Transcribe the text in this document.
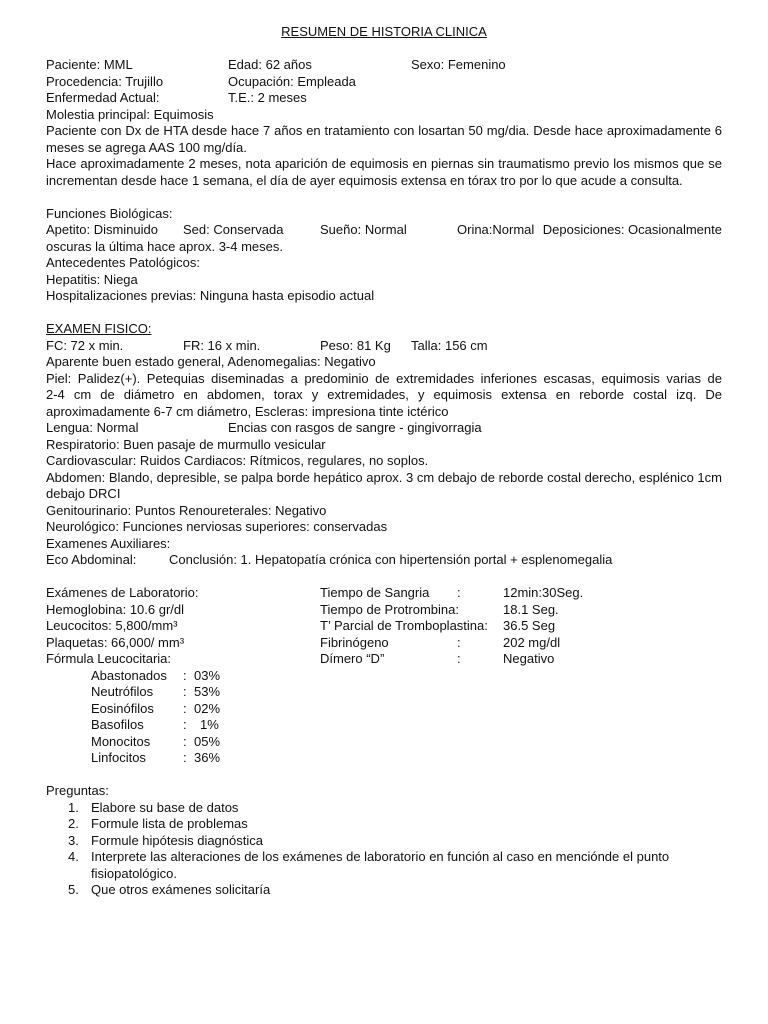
RESUMEN DE HISTORIA CLINICA
Paciente: MML	Edad: 62 años	Sexo: Femenino
Procedencia: Trujillo	Ocupación: Empleada
Enfermedad Actual:	T.E.: 2 meses
Molestia principal: Equimosis
Paciente con Dx de HTA desde hace 7 años en tratamiento con losartan 50 mg/dia. Desde hace aproximadamente 6
meses se agrega AAS 100 mg/día.
Hace aproximadamente 2 meses, nota aparición de equimosis en piernas sin traumatismo previo los mismos que se
incrementan desde hace 1 semana, el día de ayer equimosis extensa en tórax tro por lo que acude a consulta.
Funciones Biológicas:
Apetito: Disminuido Sed: Conservada	Sueño: Normal	Orina:Normal Deposiciones: Ocasionalmente
oscuras la última hace aprox. 3-4 meses.
Antecedentes Patológicos:
Hepatitis: Niega
Hospitalizaciones previas: Ninguna hasta episodio actual
EXAMEN FISICO:
FC: 72 x min.	FR: 16 x min.	Peso: 81 Kg Talla: 156 cm
Aparente buen estado general, Adenomegalias: Negativo
Piel: Palidez(+). Petequias diseminadas a predominio de extremidades inferiones escasas, equimosis varias de
2-4 cm de diámetro en abdomen, torax y extremidades, y equimosis extensa en reborde costal izq. De
aproximadamente 6-7 cm diámetro, Escleras: impresiona tinte ictérico
Lengua: Normal	Encias con rasgos de sangre - gingivorragia
Respiratorio: Buen pasaje de murmullo vesicular
Cardiovascular: Ruidos Cardiacos: Rítmicos, regulares, no soplos.
Abdomen: Blando, depresible, se palpa borde hepático aprox. 3 cm debajo de reborde costal derecho, esplénico 1cm
debajo DRCI
Genitourinario: Puntos Renoureterales: Negativo
Neurológico: Funciones nerviosas superiores: conservadas
Examenes Auxiliares:
Eco Abdominal:	Conclusión: 1. Hepatopatía crónica con hipertensión portal + esplenomegalia
Exámenes de Laboratorio:	Tiempo de Sangria :	12min:30Seg.
Hemoglobina: 10.6 gr/dl	Tiempo de Protrombina:	18.1 Seg.
Leucocitos: 5,800/mm³	T’ Parcial de Tromboplastina: 36.5 Seg
Plaquetas: 66,000/ mm³	Fibrinógeno	:	202 mg/dl
Fórmula Leucocitaria:	Dímero “D”	:	Negativo
Abastonados : 03%
Neutrófilos : 53%
Eosinófilos : 02%
Basofilos	: 1%
Monocitos	: 05%
Linfocitos	: 36%
Preguntas:
1. Elabore su base de datos
2. Formule lista de problemas
3. Formule hipótesis diagnóstica
4. Interprete las alteraciones de los exámenes de laboratorio en función al caso en menciónde el punto fisiopatológico.
5. Que otros exámenes solicitaría
